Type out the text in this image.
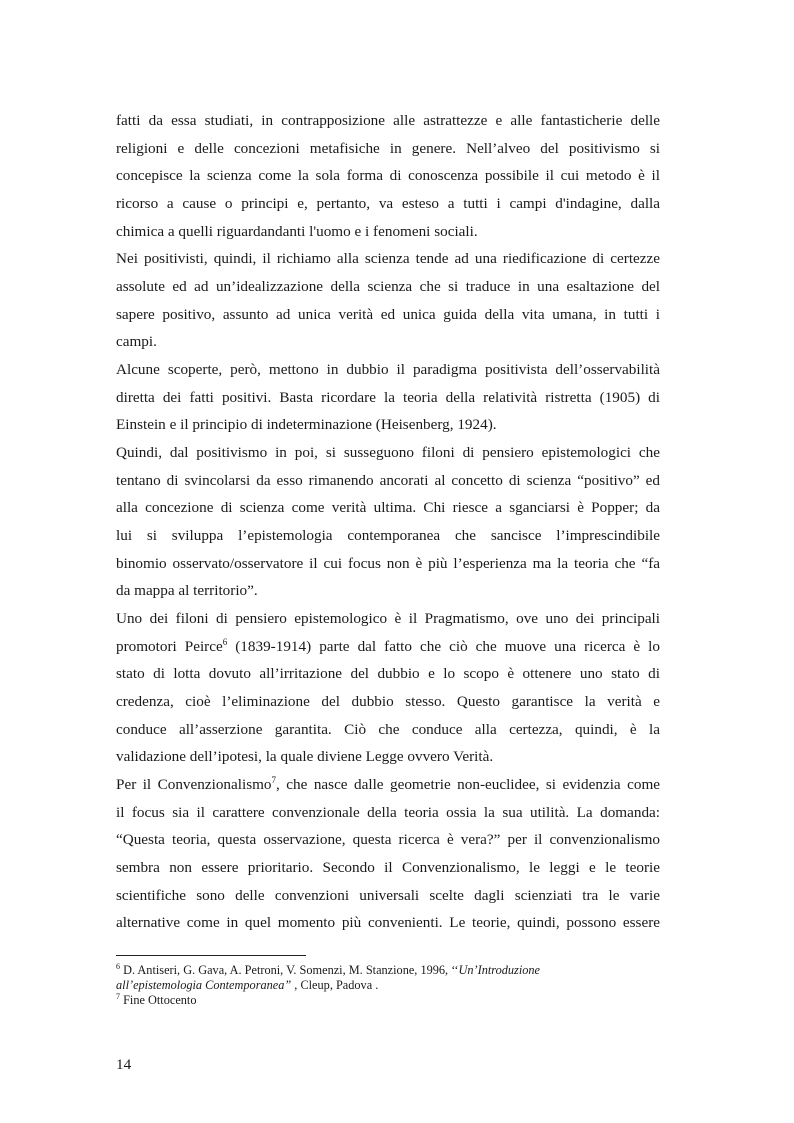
fatti da essa studiati, in contrapposizione alle astrattezze e alle fantasticherie delle
religioni e delle concezioni metafisiche in genere. Nell’alveo del positivismo si
concepisce la scienza come la sola forma di conoscenza possibile il cui metodo è il
ricorso a cause o principi e, pertanto, va esteso a tutti i campi d'indagine, dalla
chimica a quelli riguardandanti l'uomo e i fenomeni sociali.
Nei positivisti, quindi, il richiamo alla scienza tende ad una riedificazione di certezze
assolute ed ad un’idealizzazione della scienza che si traduce in una esaltazione del
sapere positivo, assunto ad unica verità ed unica guida della vita umana, in tutti i
campi.
Alcune scoperte, però, mettono in dubbio il paradigma positivista dell’osservabilità
diretta dei fatti positivi. Basta ricordare la teoria della relatività ristretta (1905) di
Einstein e il principio di indeterminazione (Heisenberg, 1924).
Quindi, dal positivismo in poi, si susseguono filoni di pensiero epistemologici che
tentano di svincolarsi da esso rimanendo ancorati al concetto di scienza “positivo” ed
alla concezione di scienza come verità ultima. Chi riesce a sganciarsi è Popper; da
lui si sviluppa l’epistemologia contemporanea che sancisce l’imprescindibile
binomio osservato/osservatore il cui focus non è più l’esperienza ma la teoria che “fa
da mappa al territorio”.
Uno dei filoni di pensiero epistemologico è il Pragmatismo, ove uno dei principali
promotori Peirce$^6$ (1839-1914) parte dal fatto che ciò che muove una ricerca è lo
stato di lotta dovuto all’irritazione del dubbio e lo scopo è ottenere uno stato di
credenza, cioè l’eliminazione del dubbio stesso. Questo garantisce la verità e
conduce all’asserzione garantita. Ciò che conduce alla certezza, quindi, è la
validazione dell’ipotesi, la quale diviene Legge ovvero Verità.
Per il Convenzionalismo$^7$, che nasce dalle geometrie non-euclidee, si evidenzia come
il focus sia il carattere convenzionale della teoria ossia la sua utilità. La domanda:
“Questa teoria, questa osservazione, questa ricerca è vera?” per il convenzionalismo
sembra non essere prioritario. Secondo il Convenzionalismo, le leggi e le teorie
scientifiche sono delle convenzioni universali scelte dagli scienziati tra le varie
alternative come in quel momento più convenienti. Le teorie, quindi, possono essere
$^6$ D. Antiseri, G. Gava, A. Petroni, V. Somenzi, M. Stanzione, 1996, ‘‘Un’Introduzione
all’epistemologia Contemporanea” , Cleup, Padova .
$^7$ Fine Ottocento
14
